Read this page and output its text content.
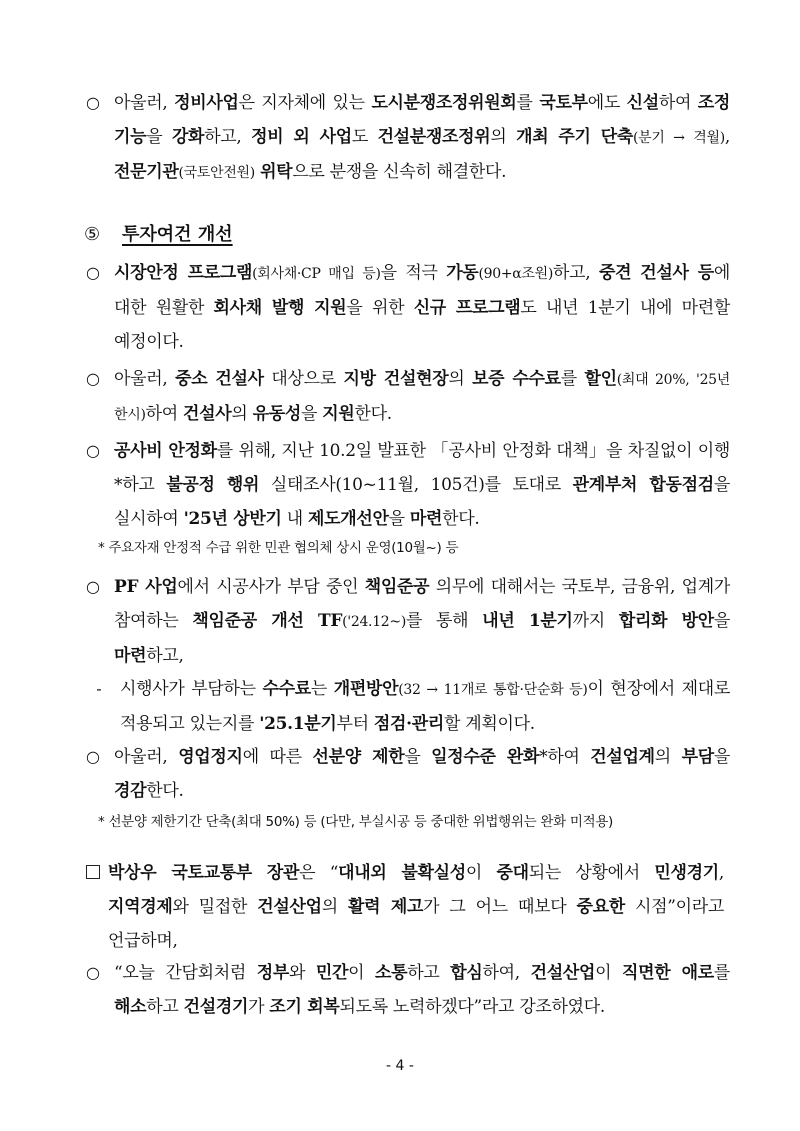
○ 아울러, 정비사업은 지자체에 있는 도시분쟁조정위원회를 국토부에도 신설하여 조정 기능을 강화하고, 정비 외 사업도 건설분쟁조정위의 개최 주기 단축(분기 → 격월), 전문기관(국토안전원) 위탁으로 분쟁을 신속히 해결한다.
⑤	투자여건 개선
○ 시장안정 프로그램(회사채·CP 매입 등)을 적극 가동(90+α조원)하고, 중견 건설사 등에 대한 원활한 회사채 발행 지원을 위한 신규 프로그램도 내년 1분기 내에 마련할 예정이다.
○ 아울러, 중소 건설사 대상으로 지방 건설현장의 보증 수수료를 할인(최대 20%, '25년 한시)하여 건설사의 유동성을 지원한다.
○ 공사비 안정화를 위해, 지난 10.2일 발표한 「공사비 안정화 대책」을 차질없이 이행*하고 불공정 행위 실태조사(10~11월, 105건)를 토대로 관계부처 합동점검을 실시하여 '25년 상반기 내 제도개선안을 마련한다.
* 주요자재 안정적 수급 위한 민관 협의체 상시 운영(10월~) 등
○ PF 사업에서 시공사가 부담 중인 책임준공 의무에 대해서는 국토부, 금융위, 업계가 참여하는 책임준공 개선 TF('24.12~)를 통해 내년 1분기까지 합리화 방안을 마련하고,
-	시행사가 부담하는 수수료는 개편방안(32 → 11개로 통합·단순화 등)이 현장에서 제대로 적용되고 있는지를 '25.1분기부터 점검·관리할 계획이다.
○ 아울러, 영업정지에 따른 선분양 제한을 일정수준 완화*하여 건설업계의 부담을 경감한다.
* 선분양 제한기간 단축(최대 50%) 등 (다만, 부실시공 등 중대한 위법행위는 완화 미적용)
박상우 국토교통부 장관은 “대내외 불확실성이 중대되는 상황에서 민생경기, 지역경제와 밀접한 건설산업의 활력 제고가 그 어느 때보다 중요한 시점”이라고 언급하며,
○ “오늘 간담회처럼 정부와 민간이 소통하고 합심하여, 건설산업이 직면한 애로를 해소하고 건설경기가 조기 회복되도록 노력하겠다”라고 강조하였다.
- 4 -
